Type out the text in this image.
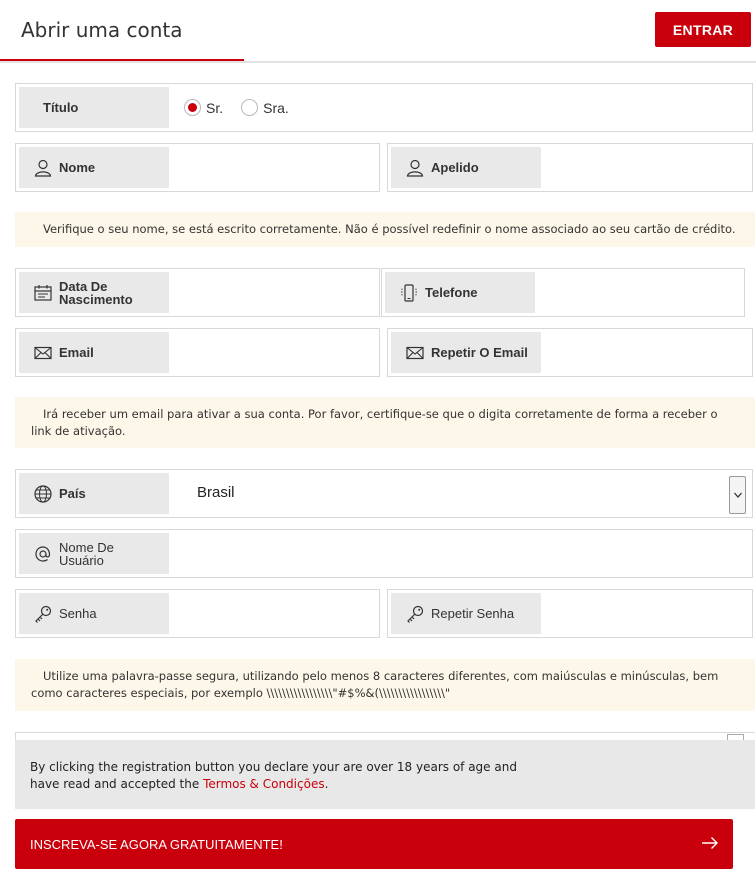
Abrir uma conta	ENTRAR
Título	Sr.	Sra.
Nome	Apelido
Verifique o seu nome, se está escrito corretamente. Não é possível redefinir o nome associado ao seu cartão de crédito.
Data De Nascimento	Telefone
Email	Repetir O Email
Irá receber um email para ativar a sua conta. Por favor, certifique-se que o digita corretamente de forma a receber o link de ativação.
País	Brasil
Nome De Usuário
Senha	Repetir Senha
Utilize uma palavra-passe segura, utilizando pelo menos 8 caracteres diferentes, com maiúsculas e minúsculas, bem como caracteres especiais, por exemplo \\\\\\\\\\\\\\\\\"#$%&(\\\\\\\\\\\\\\\\\"
By clicking the registration button you declare your are over 18 years of age and
have read and accepted the Termos & Condições.
INSCREVA-SE AGORA GRATUITAMENTE!
